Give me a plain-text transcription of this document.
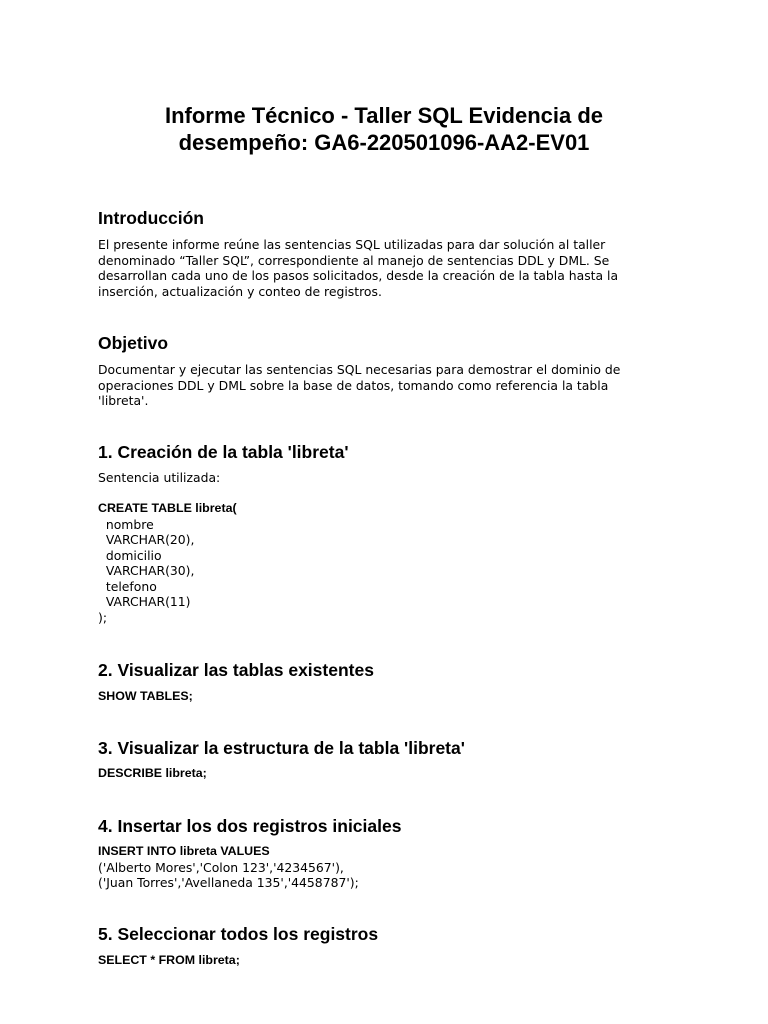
Informe Técnico - Taller SQL Evidencia de
desempeño: GA6-220501096-AA2-EV01
Introducción
El presente informe reúne las sentencias SQL utilizadas para dar solución al taller
denominado “Taller SQL”, correspondiente al manejo de sentencias DDL y DML. Se
desarrollan cada uno de los pasos solicitados, desde la creación de la tabla hasta la
inserción, actualización y conteo de registros.
Objetivo
Documentar y ejecutar las sentencias SQL necesarias para demostrar el dominio de
operaciones DDL y DML sobre la base de datos, tomando como referencia la tabla
'libreta'.
1. Creación de la tabla 'libreta'
Sentencia utilizada:
CREATE TABLE libreta(
nombre
VARCHAR(20),
domicilio
VARCHAR(30),
telefono
VARCHAR(11)
);
2. Visualizar las tablas existentes
SHOW TABLES;
3. Visualizar la estructura de la tabla 'libreta'
DESCRIBE libreta;
4. Insertar los dos registros iniciales
INSERT INTO libreta VALUES
('Alberto Mores','Colon 123','4234567'),
('Juan Torres','Avellaneda 135','4458787');
5. Seleccionar todos los registros
SELECT * FROM libreta;
